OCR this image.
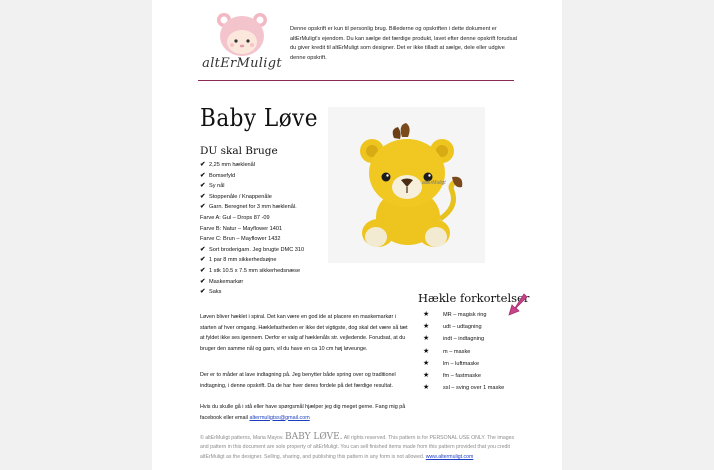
altErMuligt
Denne opskrift er kun til personlig brug. Billederne og opskriften i dette dokument er altErMuligt's ejendom. Du kan sælge det færdige produkt, lavet efter denne opskrift forudsat du giver kredit til altErMuligt som designer. Det er ikke tilladt at sælge, dele eller udgive denne opskrift.
Baby Løve
DU skal Bruge
✔ 2,25 mm hæklenål
✔ Bomsefyld
✔ Sy nål
✔ Stoppenåle / Knappenåle
✔ Garn. Beregnet for 3 mm hæklenål.
Farve A: Gul – Drops 87 -09
Farve B: Natur – Mayflower 1401
Farve C: Brun – Mayflower 1432
✔ Sort broderigarn. Jeg brugte DMC 310
✔ 1 par 8 mm sikkerhedsøjne
✔ 1 stk 10.5 x 7.5 mm sikkerhedsnæse
✔ Maskemarkør
✔ Saks
altErMuligt
Løven bliver hæklet i spiral. Det kan være en god ide at placere en maskemarkør i starten af hver omgang. Hæklefastheden er ikke det vigtigste, dog skal det være så tæt at fyldet ikke ses igennem. Derfor er valg af hæklenåls str. vejledende. Forudsat, at du bruger den samme nål og garn, vil du have en ca 10 cm høj løveunge.
Der er to måder at lave indtagning på. Jeg benytter både spring over og traditionel indtagning, i denne opskrift. Da de har hver deres fordele på det færdige resultat.
Hvis du skulle gå i stå eller have spørgsmål hjælper jeg dig meget gerne. Fang mig på facebook eller email altermuligtss@gmail.com
Hækle forkortelser
★ MR – magisk ring
★ udt – udtagning
★ indt – indtagning
★ m – maske
★ lm – luftmaske
★ fm – fastmaske
★ ssl – sving over 1 maske
© altErMuligt patterns, Maria Mayov. BABY LØVE. All rights reserved. This pattern is for PERSONAL USE ONLY. The images and pattern in this document are sole property of altErMuligt. You can sell finished items made from this pattern provided that you credit altErMuligt as the designer. Selling, sharing, and publishing this pattern in any form is not allowed. www.altermuligt.com
